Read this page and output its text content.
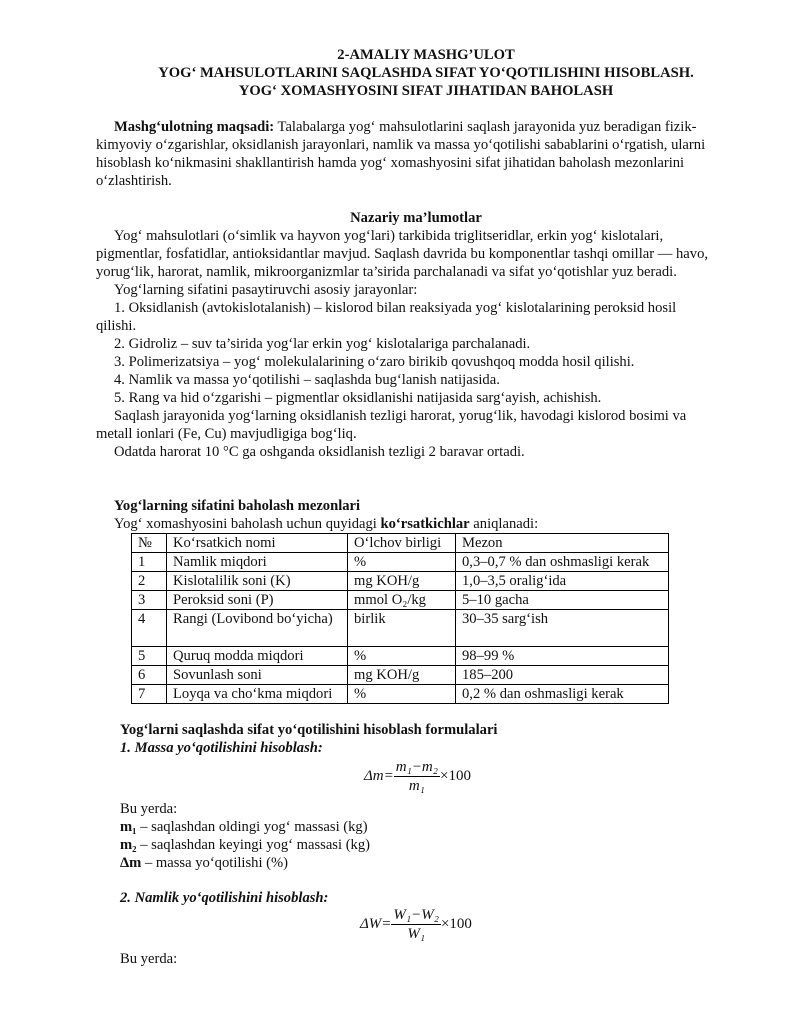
2-AMALIY MASHG’ULOT
YOG‘ MAHSULOTLARINI SAQLASHDA SIFAT YO‘QOTILISHINI HISOBLASH.
YOG‘ XOMASHYOSINI SIFAT JIHATIDAN BAHOLASH

Mashg‘ulotning maqsadi: Talabalarga yog‘ mahsulotlarini saqlash jarayonida yuz beradigan fizik-kimyoviy o‘zgarishlar, oksidlanish jarayonlari, namlik va massa yo‘qotilishi sabablarini o‘rgatish, ularni hisoblash ko‘nikmasini shakllantirish hamda yog‘ xomashyosini sifat jihatidan baholash mezonlarini o‘zlashtirish.

Nazariy ma’lumotlar

Yog‘ mahsulotlari (o‘simlik va hayvon yog‘lari) tarkibida triglitseridlar, erkin yog‘ kislotalari, pigmentlar, fosfatidlar, antioksidantlar mavjud. Saqlash davrida bu komponentlar tashqi omillar — havo, yorug‘lik, harorat, namlik, mikroorganizmlar ta’sirida parchalanadi va sifat yo‘qotishlar yuz beradi.

Yog‘larning sifatini pasaytiruvchi asosiy jarayonlar:

1. Oksidlanish (avtokislotalanish) – kislorod bilan reaksiyada yog‘ kislotalarining peroksid hosil qilishi.

2. Gidroliz – suv ta’sirida yog‘lar erkin yog‘ kislotalariga parchalanadi.

3. Polimerizatsiya – yog‘ molekulalarining o‘zaro birikib qovushqoq modda hosil qilishi.

4. Namlik va massa yo‘qotilishi – saqlashda bug‘lanish natijasida.

5. Rang va hid o‘zgarishi – pigmentlar oksidlanishi natijasida sarg‘ayish, achishish.

Saqlash jarayonida yog‘larning oksidlanish tezligi harorat, yorug‘lik, havodagi kislorod bosimi va metall ionlari (Fe, Cu) mavjudligiga bog‘liq.

Odatda harorat 10 °C ga oshganda oksidlanish tezligi 2 baravar ortadi.

Yog‘larning sifatini baholash mezonlari
Yog‘ xomashyosini baholash uchun quyidagi ko‘rsatkichlar aniqlanadi:
№	Ko‘rsatkich nomi	O‘lchov birligi	Mezon
1	Namlik miqdori	%	0,3–0,7 % dan oshmasligi kerak
2	Kislotalilik soni (K)	mg KOH/g	1,0–3,5 oralig‘ida
3	Peroksid soni (P)	mmol O₂/kg	5–10 gacha
4	Rangi (Lovibond bo‘yicha)	birlik	30–35 sarg‘ish
5	Quruq modda miqdori	%	98–99 %
6	Sovunlash soni	mg KOH/g	185–200
7	Loyqa va cho‘kma miqdori	%	0,2 % dan oshmasligi kerak
Yog‘larni saqlashda sifat yo‘qotilishini hisoblash formulalari
1. Massa yo‘qotilishini hisoblash:
$\Delta m= \frac{\text{m₁−m₂}}{\text{m₁}} \times 100$
Bu yerda:
m₁ – saqlashdan oldingi yog‘ massasi (kg)
m₂ – saqlashdan keyingi yog‘ massasi (kg)
Δm – massa yo‘qotilishi (%)
2. Namlik yo‘qotilishini hisoblash:
$\Delta W= \frac{\text{W₁−W₂}}{\text{W₁}} \times 100$
Bu yerda:
